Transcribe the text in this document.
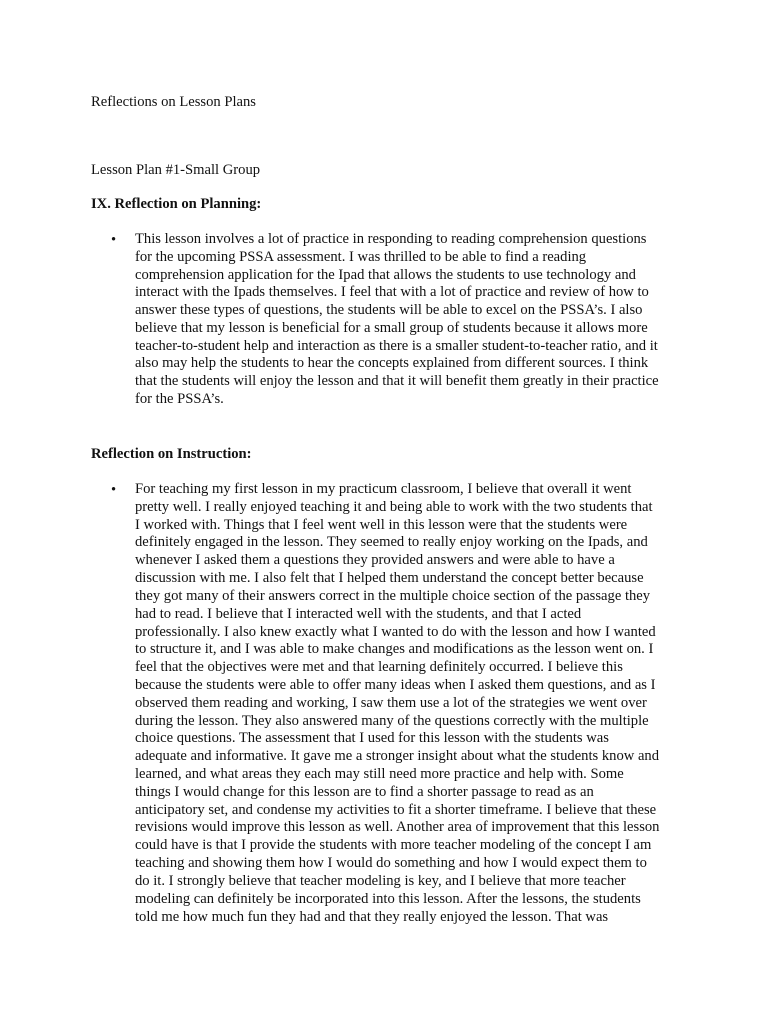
Reflections on Lesson Plans
Lesson Plan #1-Small Group
IX. Reflection on Planning:
• This lesson involves a lot of practice in responding to reading comprehension questions
for the upcoming PSSA assessment. I was thrilled to be able to find a reading
comprehension application for the Ipad that allows the students to use technology and
interact with the Ipads themselves. I feel that with a lot of practice and review of how to
answer these types of questions, the students will be able to excel on the PSSA’s. I also
believe that my lesson is beneficial for a small group of students because it allows more
teacher-to-student help and interaction as there is a smaller student-to-teacher ratio, and it
also may help the students to hear the concepts explained from different sources. I think
that the students will enjoy the lesson and that it will benefit them greatly in their practice
for the PSSA’s.
Reflection on Instruction:
• For teaching my first lesson in my practicum classroom, I believe that overall it went
pretty well. I really enjoyed teaching it and being able to work with the two students that
I worked with. Things that I feel went well in this lesson were that the students were
definitely engaged in the lesson. They seemed to really enjoy working on the Ipads, and
whenever I asked them a questions they provided answers and were able to have a
discussion with me. I also felt that I helped them understand the concept better because
they got many of their answers correct in the multiple choice section of the passage they
had to read. I believe that I interacted well with the students, and that I acted
professionally. I also knew exactly what I wanted to do with the lesson and how I wanted
to structure it, and I was able to make changes and modifications as the lesson went on. I
feel that the objectives were met and that learning definitely occurred. I believe this
because the students were able to offer many ideas when I asked them questions, and as I
observed them reading and working, I saw them use a lot of the strategies we went over
during the lesson. They also answered many of the questions correctly with the multiple
choice questions. The assessment that I used for this lesson with the students was
adequate and informative. It gave me a stronger insight about what the students know and
learned, and what areas they each may still need more practice and help with. Some
things I would change for this lesson are to find a shorter passage to read as an
anticipatory set, and condense my activities to fit a shorter timeframe. I believe that these
revisions would improve this lesson as well. Another area of improvement that this lesson
could have is that I provide the students with more teacher modeling of the concept I am
teaching and showing them how I would do something and how I would expect them to
do it. I strongly believe that teacher modeling is key, and I believe that more teacher
modeling can definitely be incorporated into this lesson. After the lessons, the students
told me how much fun they had and that they really enjoyed the lesson. That was
